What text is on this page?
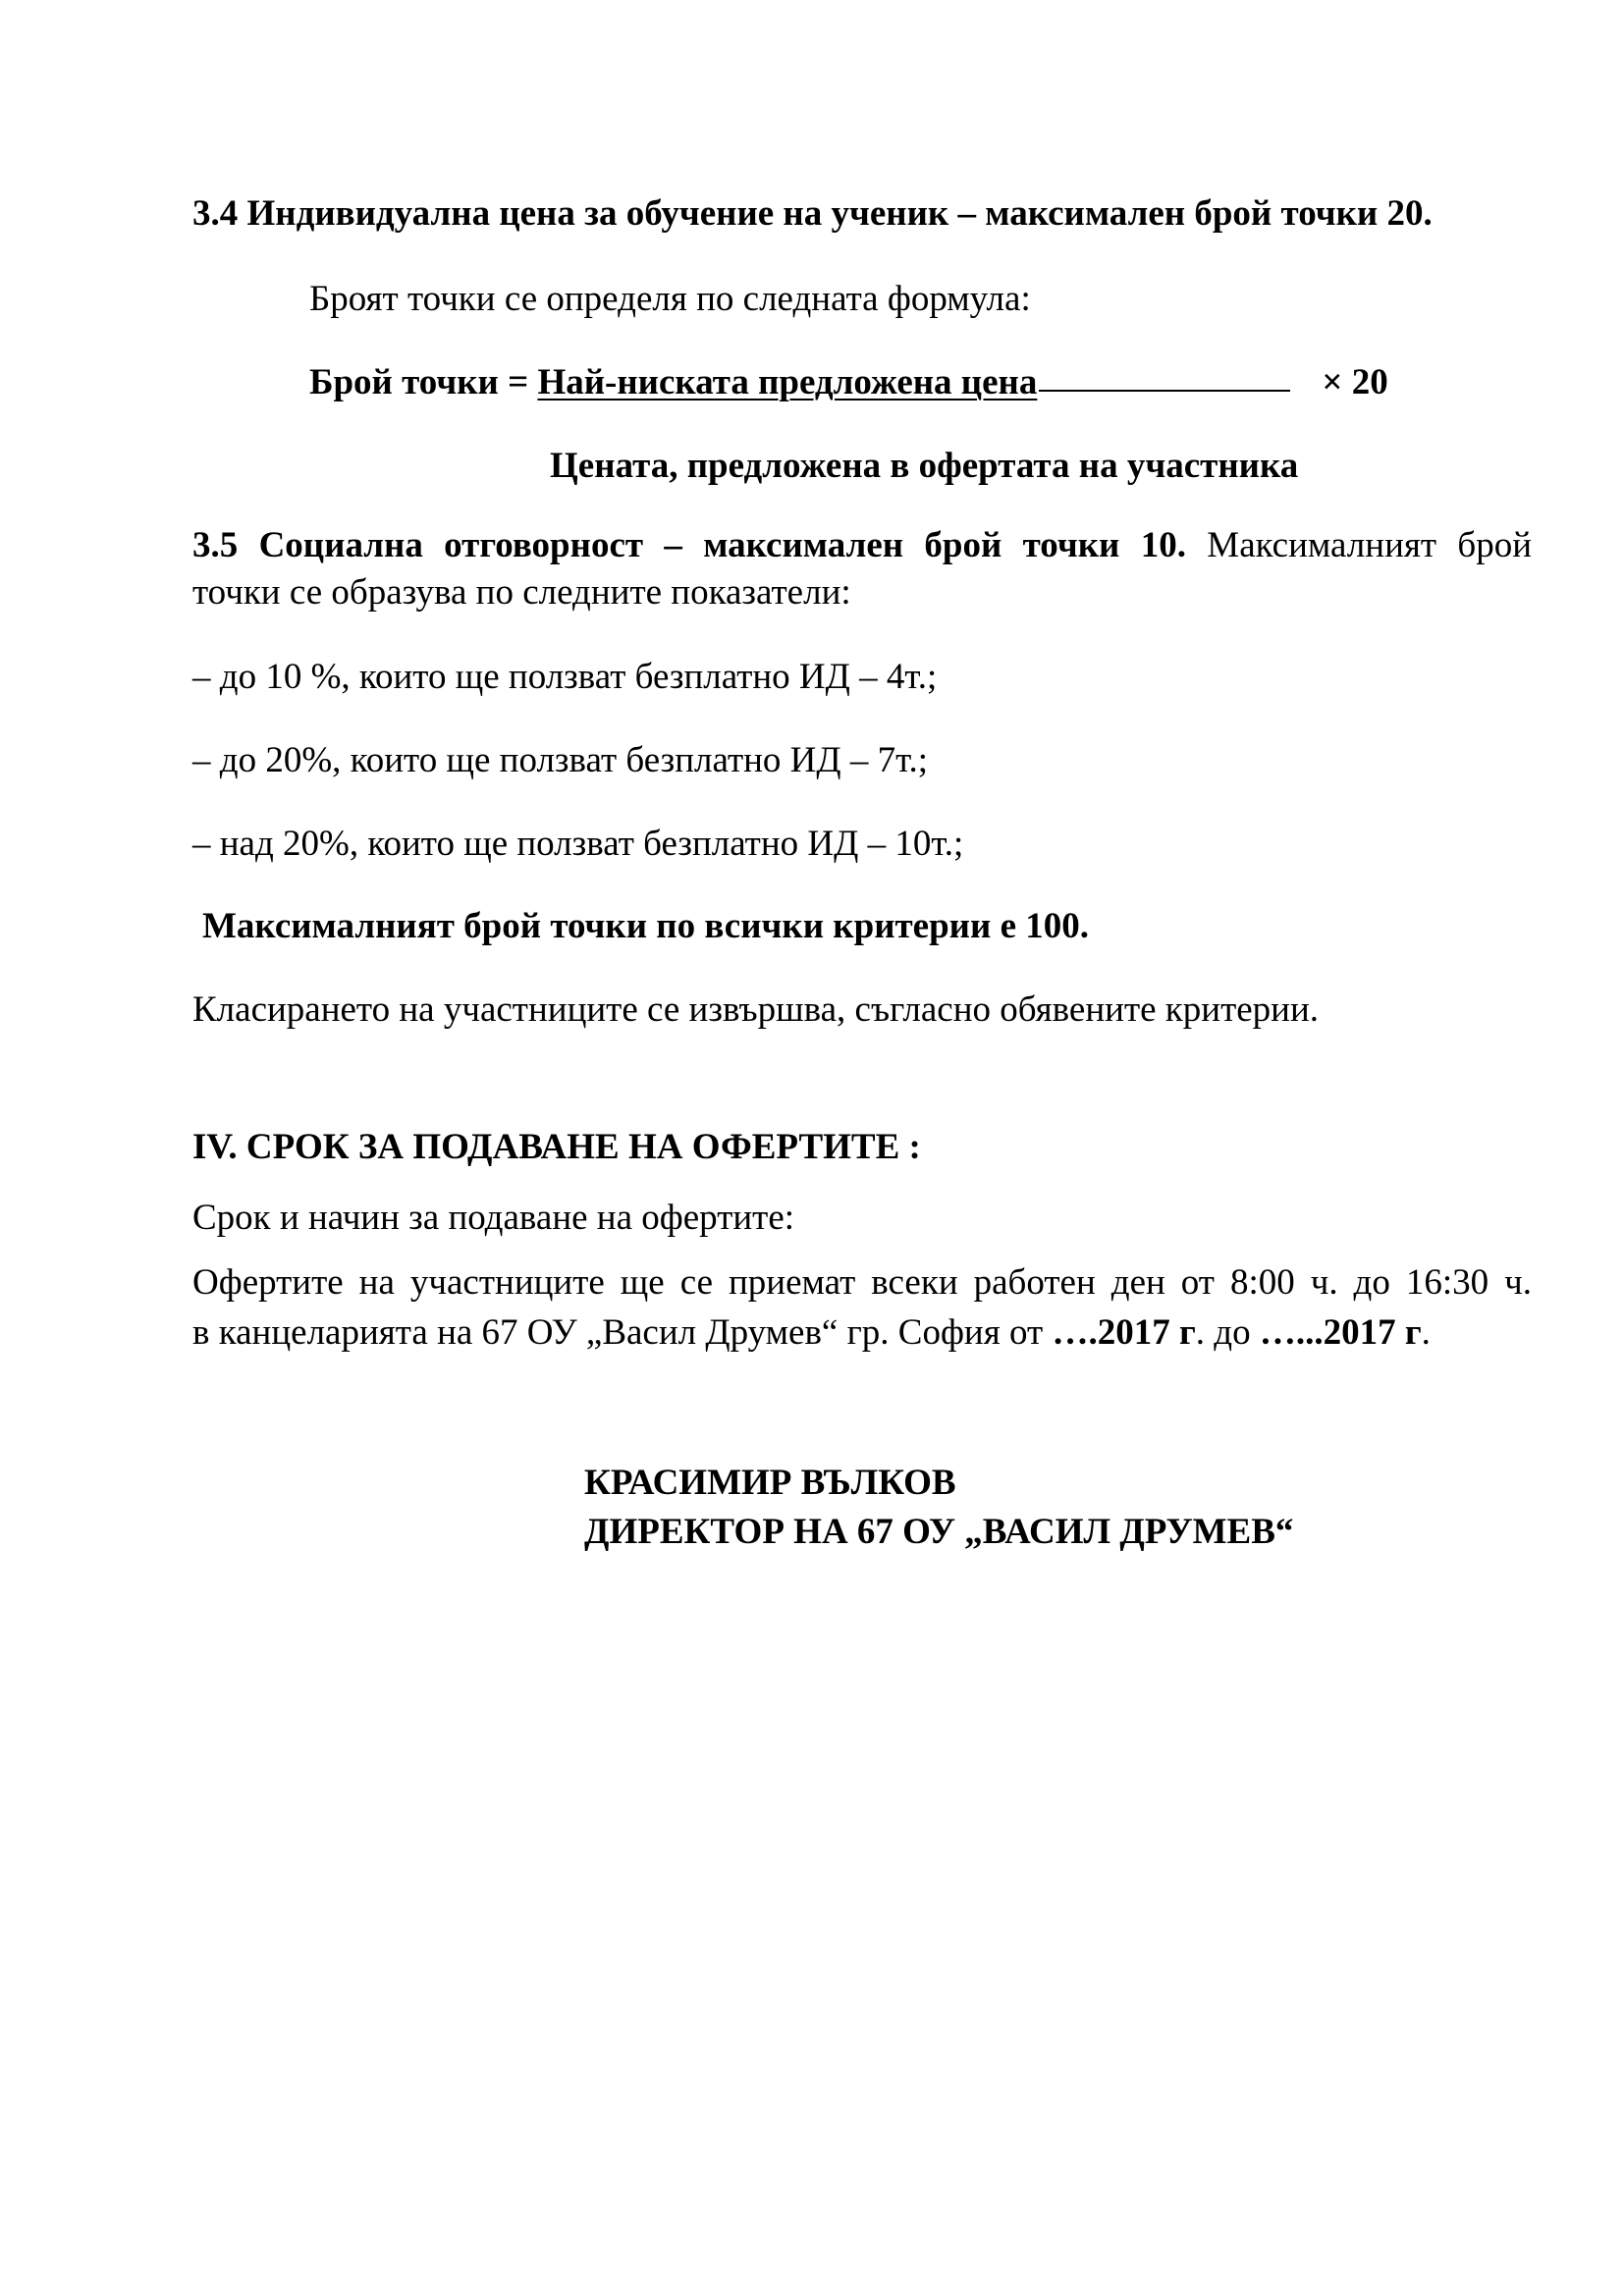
3.4 Индивидуална цена за обучение на ученик – максимален брой точки 20.

Броят точки се определя по следната формула:

Брой точки = Най-ниската предложена цена	× 20

Цената, предложена в офертата на участника

3.5 Социална отговорност – максимален брой точки 10. Максималният брой

точки се образува по следните показатели:

– до 10 %, които ще ползват безплатно ИД – 4т.;

– до 20%, които ще ползват безплатно ИД – 7т.;

– над 20%, които ще ползват безплатно ИД – 10т.;

Максималният брой точки по всички критерии е 100.

Класирането на участниците се извършва, съгласно обявените критерии.

IV. СРОК ЗА ПОДАВАНЕ НА ОФЕРТИТЕ :

Срок и начин за подаване на офертите:

Офертите на участниците ще се приемат всеки работен ден от 8:00 ч. до 16:30 ч.

в канцеларията на 67 ОУ „Васил Друмев“ гр. София от ….2017 г. до …...2017 г.

КРАСИМИР ВЪЛКОВ

ДИРЕКТОР НА 67 ОУ „ВАСИЛ ДРУМЕВ“
